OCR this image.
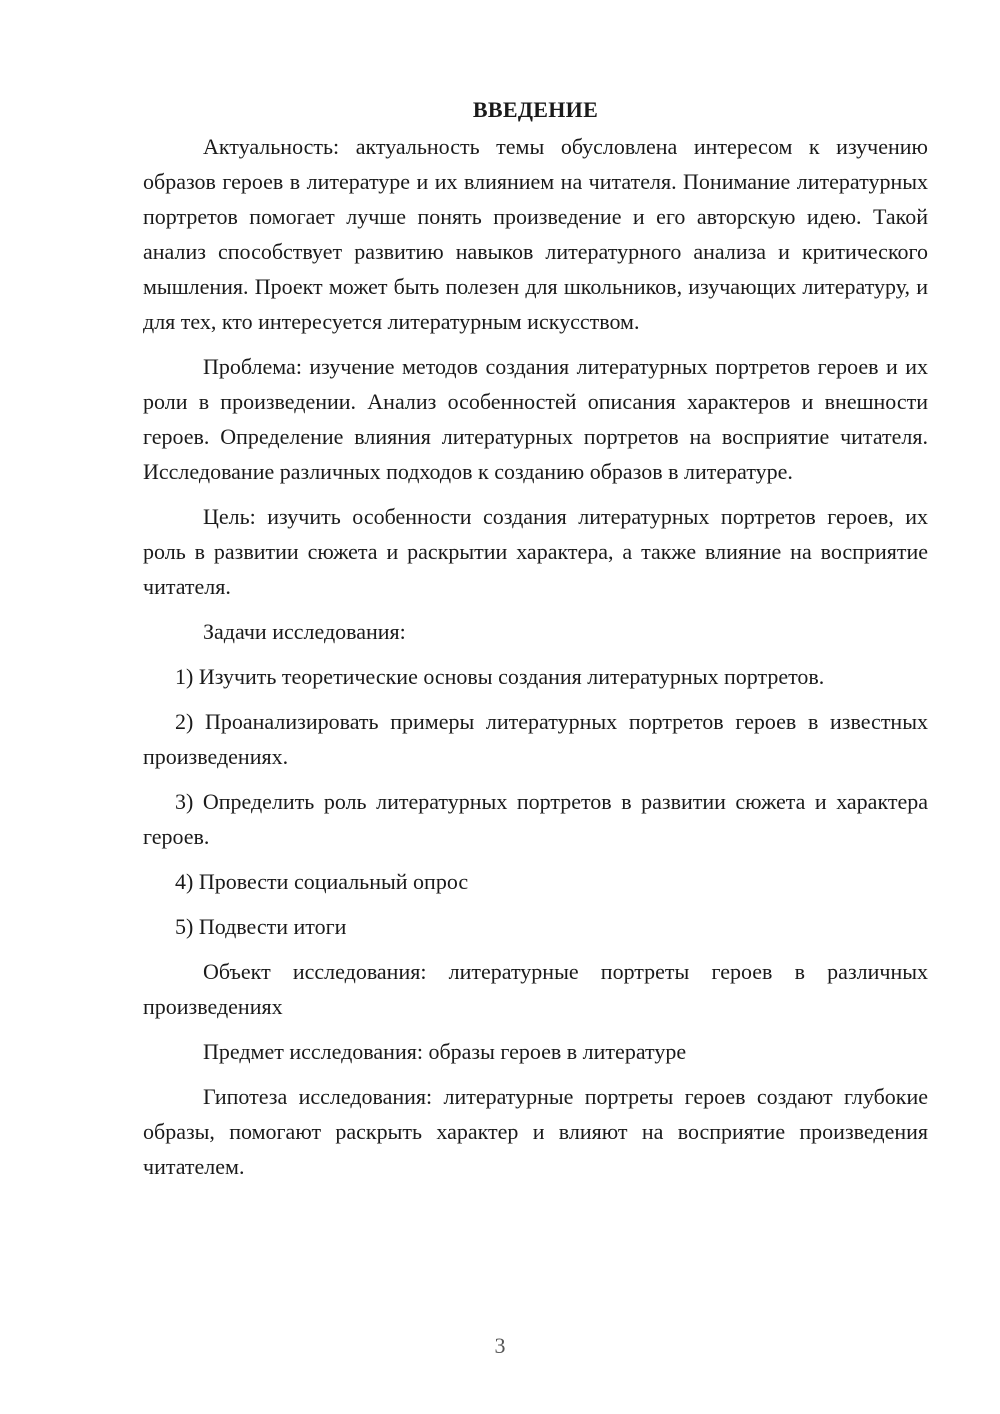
ВВЕДЕНИЕ

Актуальность: актуальность темы обусловлена интересом к изучению образов героев в литературе и их влиянием на читателя. Понимание литературных портретов помогает лучше понять произведение и его авторскую идею. Такой анализ способствует развитию навыков литературного анализа и критического мышления. Проект может быть полезен для школьников, изучающих литературу, и для тех, кто интересуется литературным искусством.

Проблема: изучение методов создания литературных портретов героев и их роли в произведении. Анализ особенностей описания характеров и внешности героев. Определение влияния литературных портретов на восприятие читателя. Исследование различных подходов к созданию образов в литературе.

Цель: изучить особенности создания литературных портретов героев, их роль в развитии сюжета и раскрытии характера, а также влияние на восприятие читателя.

Задачи исследования:

1) Изучить теоретические основы создания литературных портретов.

2) Проанализировать примеры литературных портретов героев в известных произведениях.

3) Определить роль литературных портретов в развитии сюжета и характера героев.

4) Провести социальный опрос

5) Подвести итоги

Объект исследования: литературные портреты героев в различных произведениях

Предмет исследования: образы героев в литературе

Гипотеза исследования: литературные портреты героев создают глубокие образы, помогают раскрыть характер и влияют на восприятие произведения читателем.

3
